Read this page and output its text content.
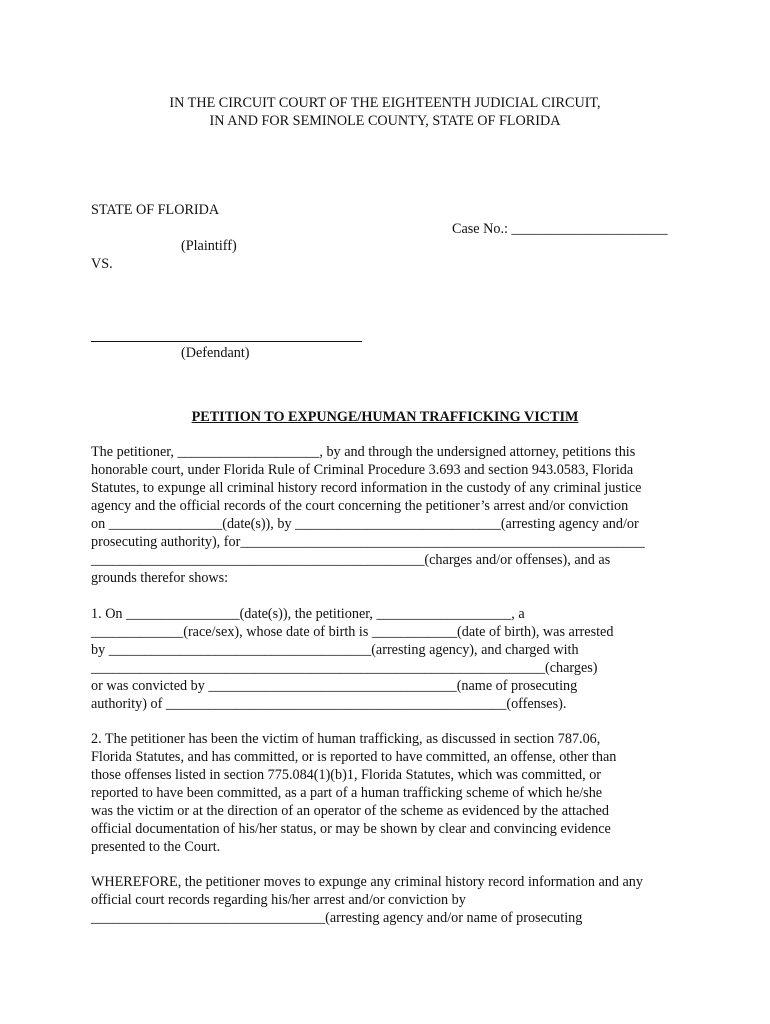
IN THE CIRCUIT COURT OF THE EIGHTEENTH JUDICIAL CIRCUIT,
IN AND FOR SEMINOLE COUNTY, STATE OF FLORIDA
STATE OF FLORIDA
Case No.: ______________________
(Plaintiff)
VS.
(Defendant)
PETITION TO EXPUNGE/HUMAN TRAFFICKING VICTIM
The petitioner, ____________________, by and through the undersigned attorney, petitions this
honorable court, under Florida Rule of Criminal Procedure 3.693 and section 943.0583, Florida
Statutes, to expunge all criminal history record information in the custody of any criminal justice
agency and the official records of the court concerning the petitioner’s arrest and/or conviction
on ________________(date(s)), by _____________________________(arresting agency and/or
prosecuting authority), for_________________________________________________________
_______________________________________________(charges and/or offenses), and as
grounds therefor shows:
1. On ________________(date(s)), the petitioner, ___________________, a
_____________(race/sex), whose date of birth is ____________(date of birth), was arrested
by _____________________________________(arresting agency), and charged with
________________________________________________________________(charges)
or was convicted by ___________________________________(name of prosecuting
authority) of ________________________________________________(offenses).
2. The petitioner has been the victim of human trafficking, as discussed in section 787.06,
Florida Statutes, and has committed, or is reported to have committed, an offense, other than
those offenses listed in section 775.084(1)(b)1, Florida Statutes, which was committed, or
reported to have been committed, as a part of a human trafficking scheme of which he/she
was the victim or at the direction of an operator of the scheme as evidenced by the attached
official documentation of his/her status, or may be shown by clear and convincing evidence
presented to the Court.
WHEREFORE, the petitioner moves to expunge any criminal history record information and any
official court records regarding his/her arrest and/or conviction by
_________________________________(arresting agency and/or name of prosecuting
